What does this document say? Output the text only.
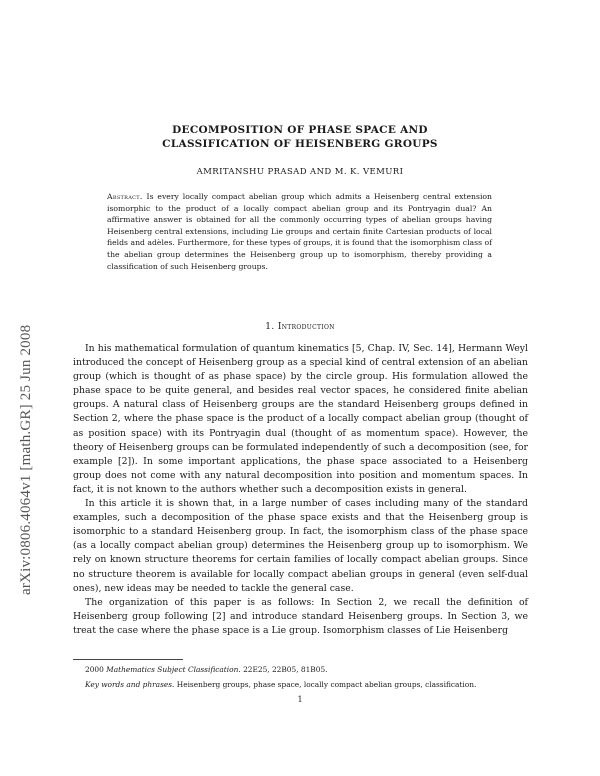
arXiv:0806.4064v1 [math.GR] 25 Jun 2008
DECOMPOSITION OF PHASE SPACE AND
CLASSIFICATION OF HEISENBERG GROUPS
AMRITANSHU PRASAD AND M. K. VEMURI
Abstract. Is every locally compact abelian group which admits a Heisenberg central extension isomorphic to the product of a locally compact abelian group and its Pontryagin dual? An affirmative answer is obtained for all the commonly occurring types of abelian groups having Heisenberg central extensions, including Lie groups and certain finite Cartesian products of local fields and adèles. Furthermore, for these types of groups, it is found that the isomorphism class of the abelian group determines the Heisenberg group up to isomorphism, thereby providing a classification of such Heisenberg groups.
1. Introduction

In his mathematical formulation of quantum kinematics [5, Chap. IV, Sec. 14], Hermann Weyl introduced the concept of Heisenberg group as a special kind of central extension of an abelian group (which is thought of as phase space) by the circle group. His formulation allowed the phase space to be quite general, and besides real vector spaces, he considered finite abelian groups. A natural class of Heisenberg groups are the standard Heisenberg groups defined in Section 2, where the phase space is the product of a locally compact abelian group (thought of as position space) with its Pontryagin dual (thought of as momentum space). However, the theory of Heisenberg groups can be formulated independently of such a decomposition (see, for example [2]). In some important applications, the phase space associated to a Heisenberg group does not come with any natural decomposition into position and momentum spaces. In fact, it is not known to the authors whether such a decomposition exists in general.

In this article it is shown that, in a large number of cases including many of the standard examples, such a decomposition of the phase space exists and that the Heisenberg group is isomorphic to a standard Heisenberg group. In fact, the isomorphism class of the phase space (as a locally compact abelian group) determines the Heisenberg group up to isomorphism. We rely on known structure theorems for certain families of locally compact abelian groups. Since no structure theorem is available for locally compact abelian groups in general (even self-dual ones), new ideas may be needed to tackle the general case.

The organization of this paper is as follows: In Section 2, we recall the definition of Heisenberg group following [2] and introduce standard Heisenberg groups. In Section 3, we treat the case where the phase space is a Lie group. Isomorphism classes of Lie Heisenberg

2000 Mathematics Subject Classification. 22E25, 22B05, 81B05.

Key words and phrases. Heisenberg groups, phase space, locally compact abelian groups, classification.

1
